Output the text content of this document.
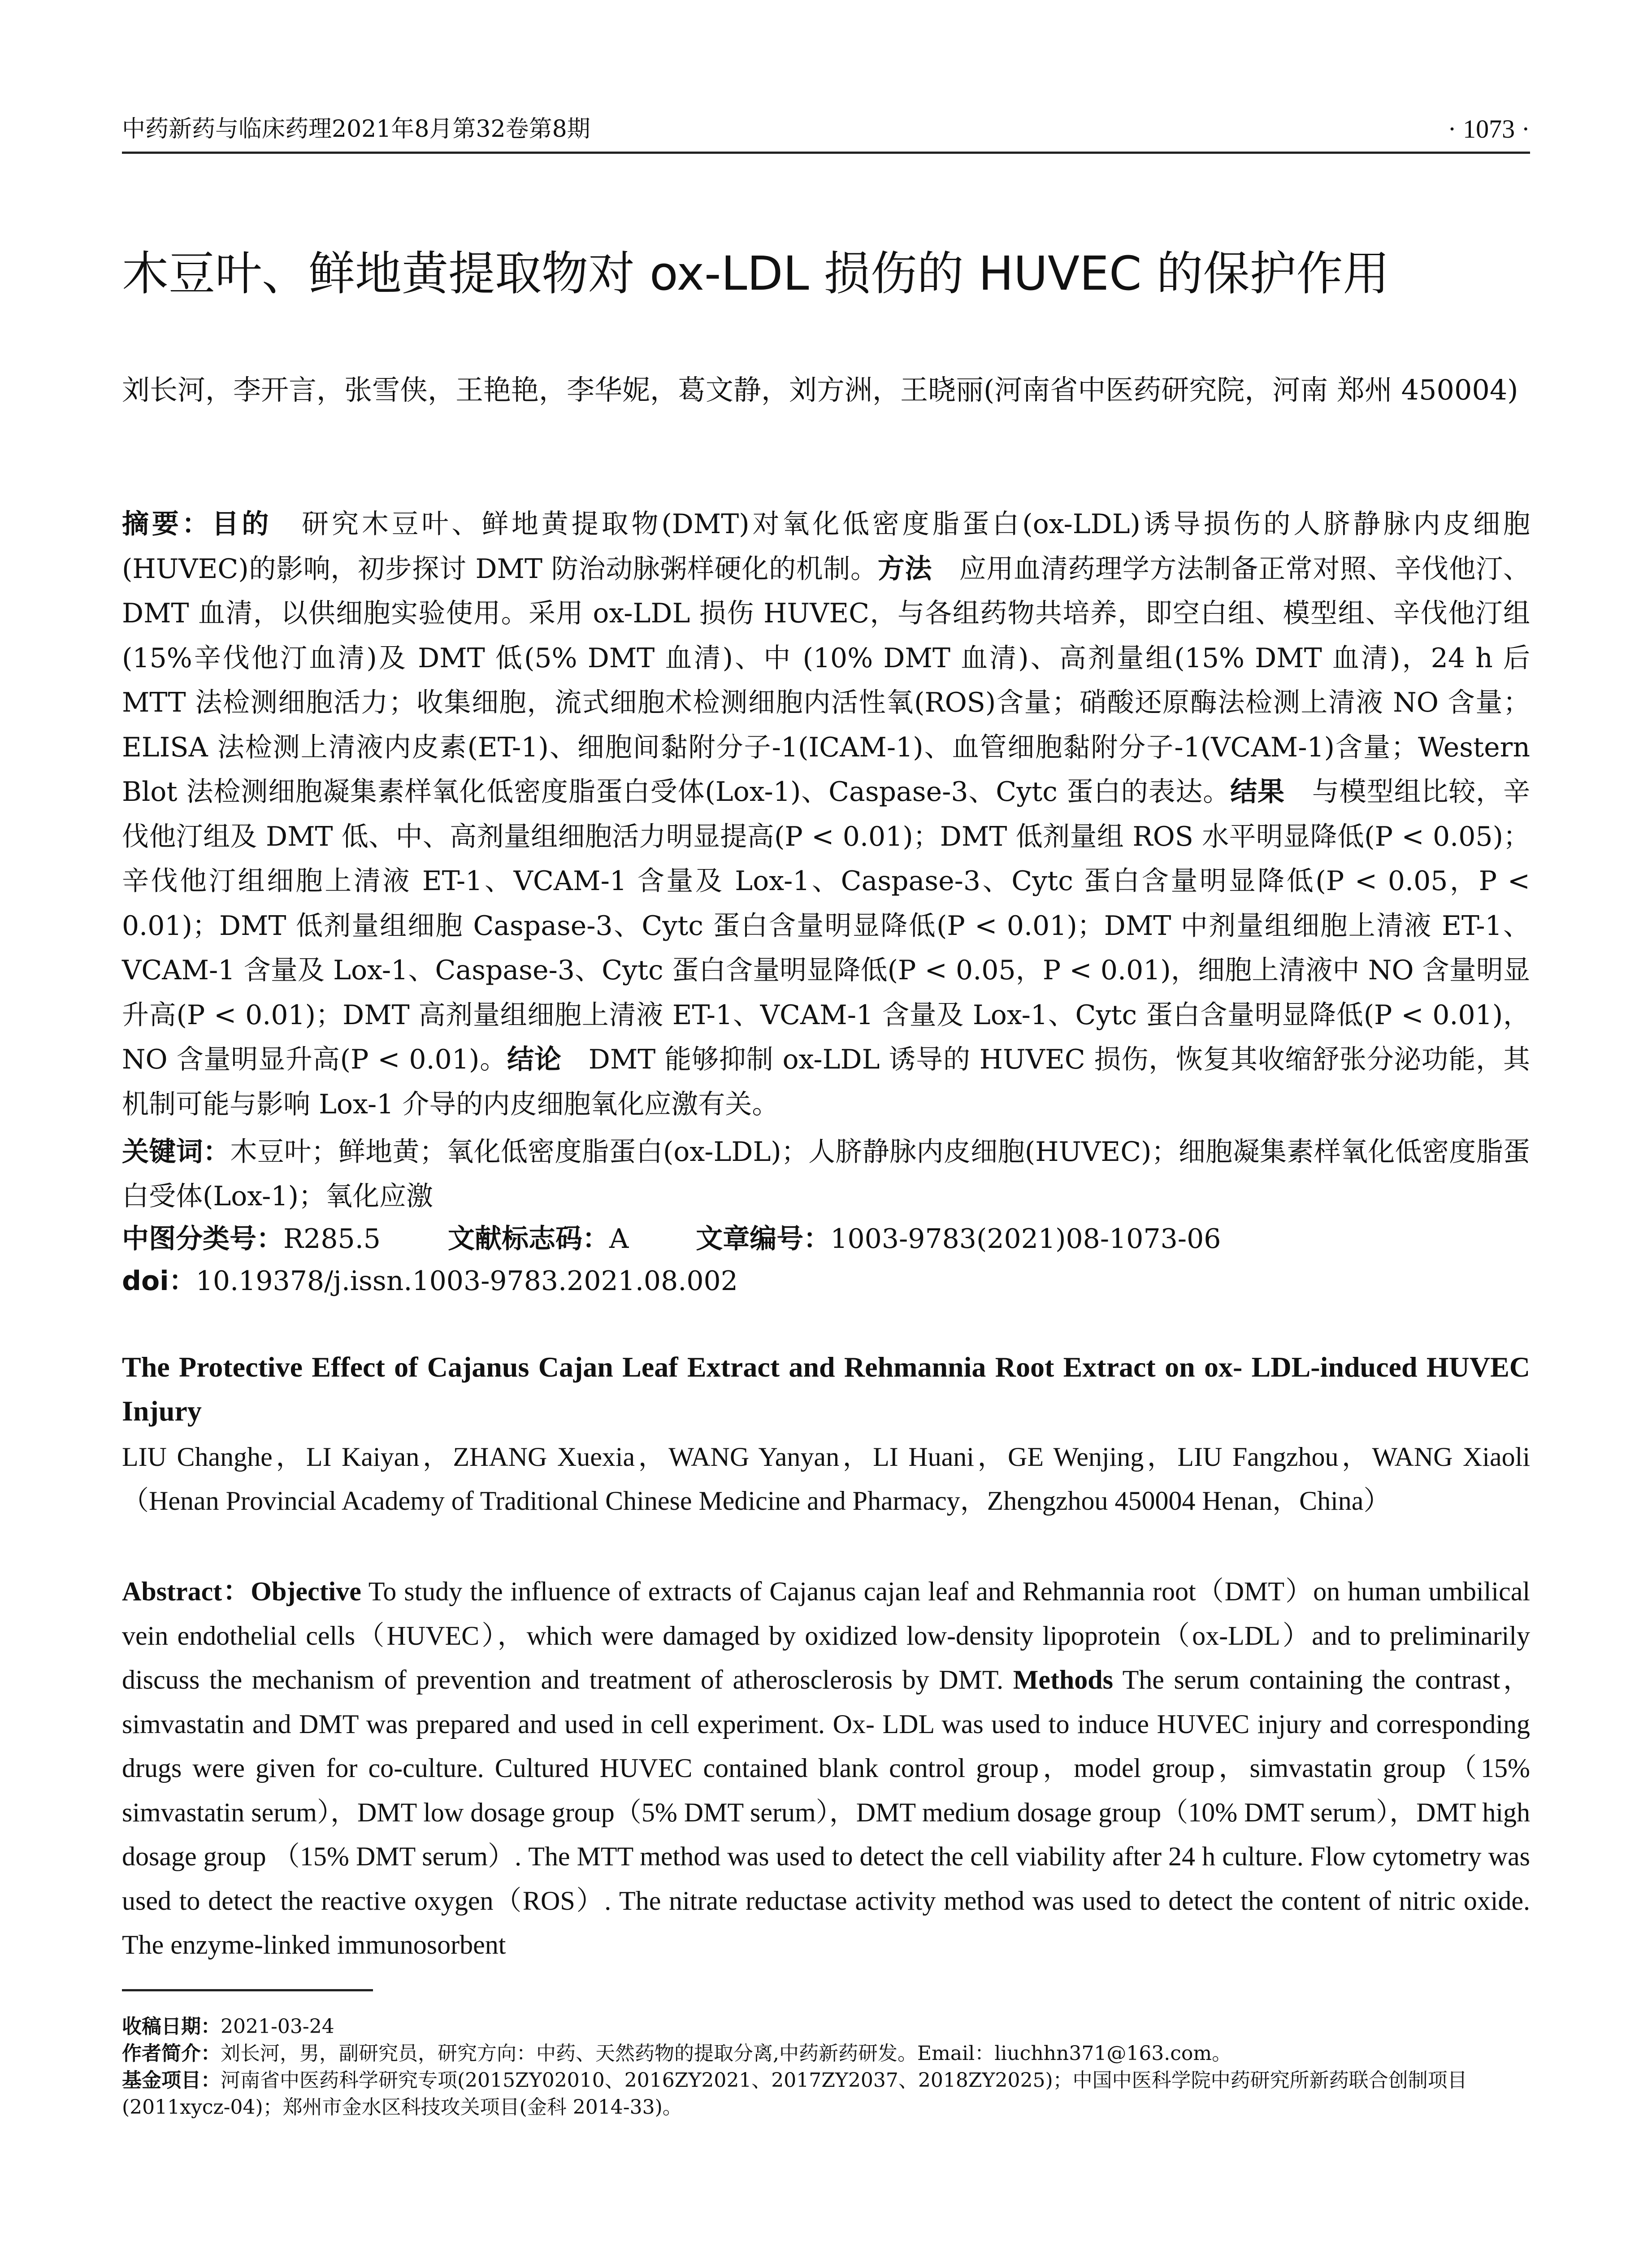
中药新药与临床药理2021年8月第32卷第8期	· 1073 ·
木豆叶、鲜地黄提取物对 ox-LDL 损伤的 HUVEC 的保护作用
刘长河，李开言，张雪侠，王艳艳，李华妮，葛文静，刘方洲，王晓丽(河南省中医药研究院，河南 郑州 450004)
摘要：目的  研究木豆叶、鲜地黄提取物(DMT)对氧化低密度脂蛋白(ox-LDL)诱导损伤的人脐静脉内皮细胞(HUVEC)的影响，初步探讨 DMT 防治动脉粥样硬化的机制。方法  应用血清药理学方法制备正常对照、辛伐他汀、DMT 血清，以供细胞实验使用。采用 ox-LDL 损伤 HUVEC，与各组药物共培养，即空白组、模型组、辛伐他汀组(15%辛伐他汀血清)及 DMT 低(5% DMT 血清)、中 (10% DMT 血清)、高剂量组(15% DMT 血清)，24 h 后 MTT 法检测细胞活力；收集细胞，流式细胞术检测细胞内活性氧(ROS)含量；硝酸还原酶法检测上清液 NO 含量；ELISA 法检测上清液内皮素(ET-1)、细胞间黏附分子-1(ICAM-1)、血管细胞黏附分子-1(VCAM-1)含量；Western Blot 法检测细胞凝集素样氧化低密度脂蛋白受体(Lox-1)、Caspase-3、Cytc 蛋白的表达。结果  与模型组比较，辛伐他汀组及 DMT 低、中、高剂量组细胞活力明显提高(P < 0.01)；DMT 低剂量组 ROS 水平明显降低(P < 0.05)；辛伐他汀组细胞上清液 ET-1、VCAM-1 含量及 Lox-1、Caspase-3、Cytc 蛋白含量明显降低(P < 0.05，P < 0.01)；DMT 低剂量组细胞 Caspase-3、Cytc 蛋白含量明显降低(P < 0.01)；DMT 中剂量组细胞上清液 ET-1、VCAM-1 含量及 Lox-1、Caspase-3、Cytc 蛋白含量明显降低(P < 0.05，P < 0.01)，细胞上清液中 NO 含量明显升高(P < 0.01)；DMT 高剂量组细胞上清液 ET-1、VCAM-1 含量及 Lox-1、Cytc 蛋白含量明显降低(P < 0.01)，NO 含量明显升高(P < 0.01)。结论  DMT 能够抑制 ox-LDL 诱导的 HUVEC 损伤，恢复其收缩舒张分泌功能，其机制可能与影响 Lox-1 介导的内皮细胞氧化应激有关。
关键词：木豆叶；鲜地黄；氧化低密度脂蛋白(ox-LDL)；人脐静脉内皮细胞(HUVEC)；细胞凝集素样氧化低密度脂蛋白受体(Lox-1)；氧化应激
中图分类号：R285.5	文献标志码：A	文章编号：1003-9783(2021)08-1073-06
doi：10.19378/j.issn.1003-9783.2021.08.002
The Protective Effect of Cajanus Cajan Leaf Extract and Rehmannia Root Extract on ox- LDL-induced HUVEC Injury
LIU Changhe，LI Kaiyan，ZHANG Xuexia，WANG Yanyan，LI Huani，GE Wenjing，LIU Fangzhou，WANG Xiaoli（Henan Provincial Academy of Traditional Chinese Medicine and Pharmacy，Zhengzhou 450004 Henan，China）
Abstract：Objective To study the influence of extracts of Cajanus cajan leaf and Rehmannia root（DMT）on human umbilical vein endothelial cells（HUVEC），which were damaged by oxidized low-density lipoprotein（ox-LDL）and to preliminarily discuss the mechanism of prevention and treatment of atherosclerosis by DMT. Methods The serum containing the contrast，simvastatin and DMT was prepared and used in cell experiment. Ox- LDL was used to induce HUVEC injury and corresponding drugs were given for co-culture. Cultured HUVEC contained blank control group，model group，simvastatin group（15% simvastatin serum），DMT low dosage group（5% DMT serum），DMT medium dosage group（10% DMT serum），DMT high dosage group （15% DMT serum）. The MTT method was used to detect the cell viability after 24 h culture. Flow cytometry was used to detect the reactive oxygen（ROS）. The nitrate reductase activity method was used to detect the content of nitric oxide. The enzyme-linked immunosorbent

收稿日期：2021-03-24

作者简介：刘长河，男，副研究员，研究方向：中药、天然药物的提取分离,中药新药研发。Email：liuchhn371@163.com。

基金项目：河南省中医药科学研究专项(2015ZY02010、2016ZY2021、2017ZY2037、2018ZY2025)；中国中医科学院中药研究所新药联合创制项目(2011xycz-04)；郑州市金水区科技攻关项目(金科 2014-33)。
